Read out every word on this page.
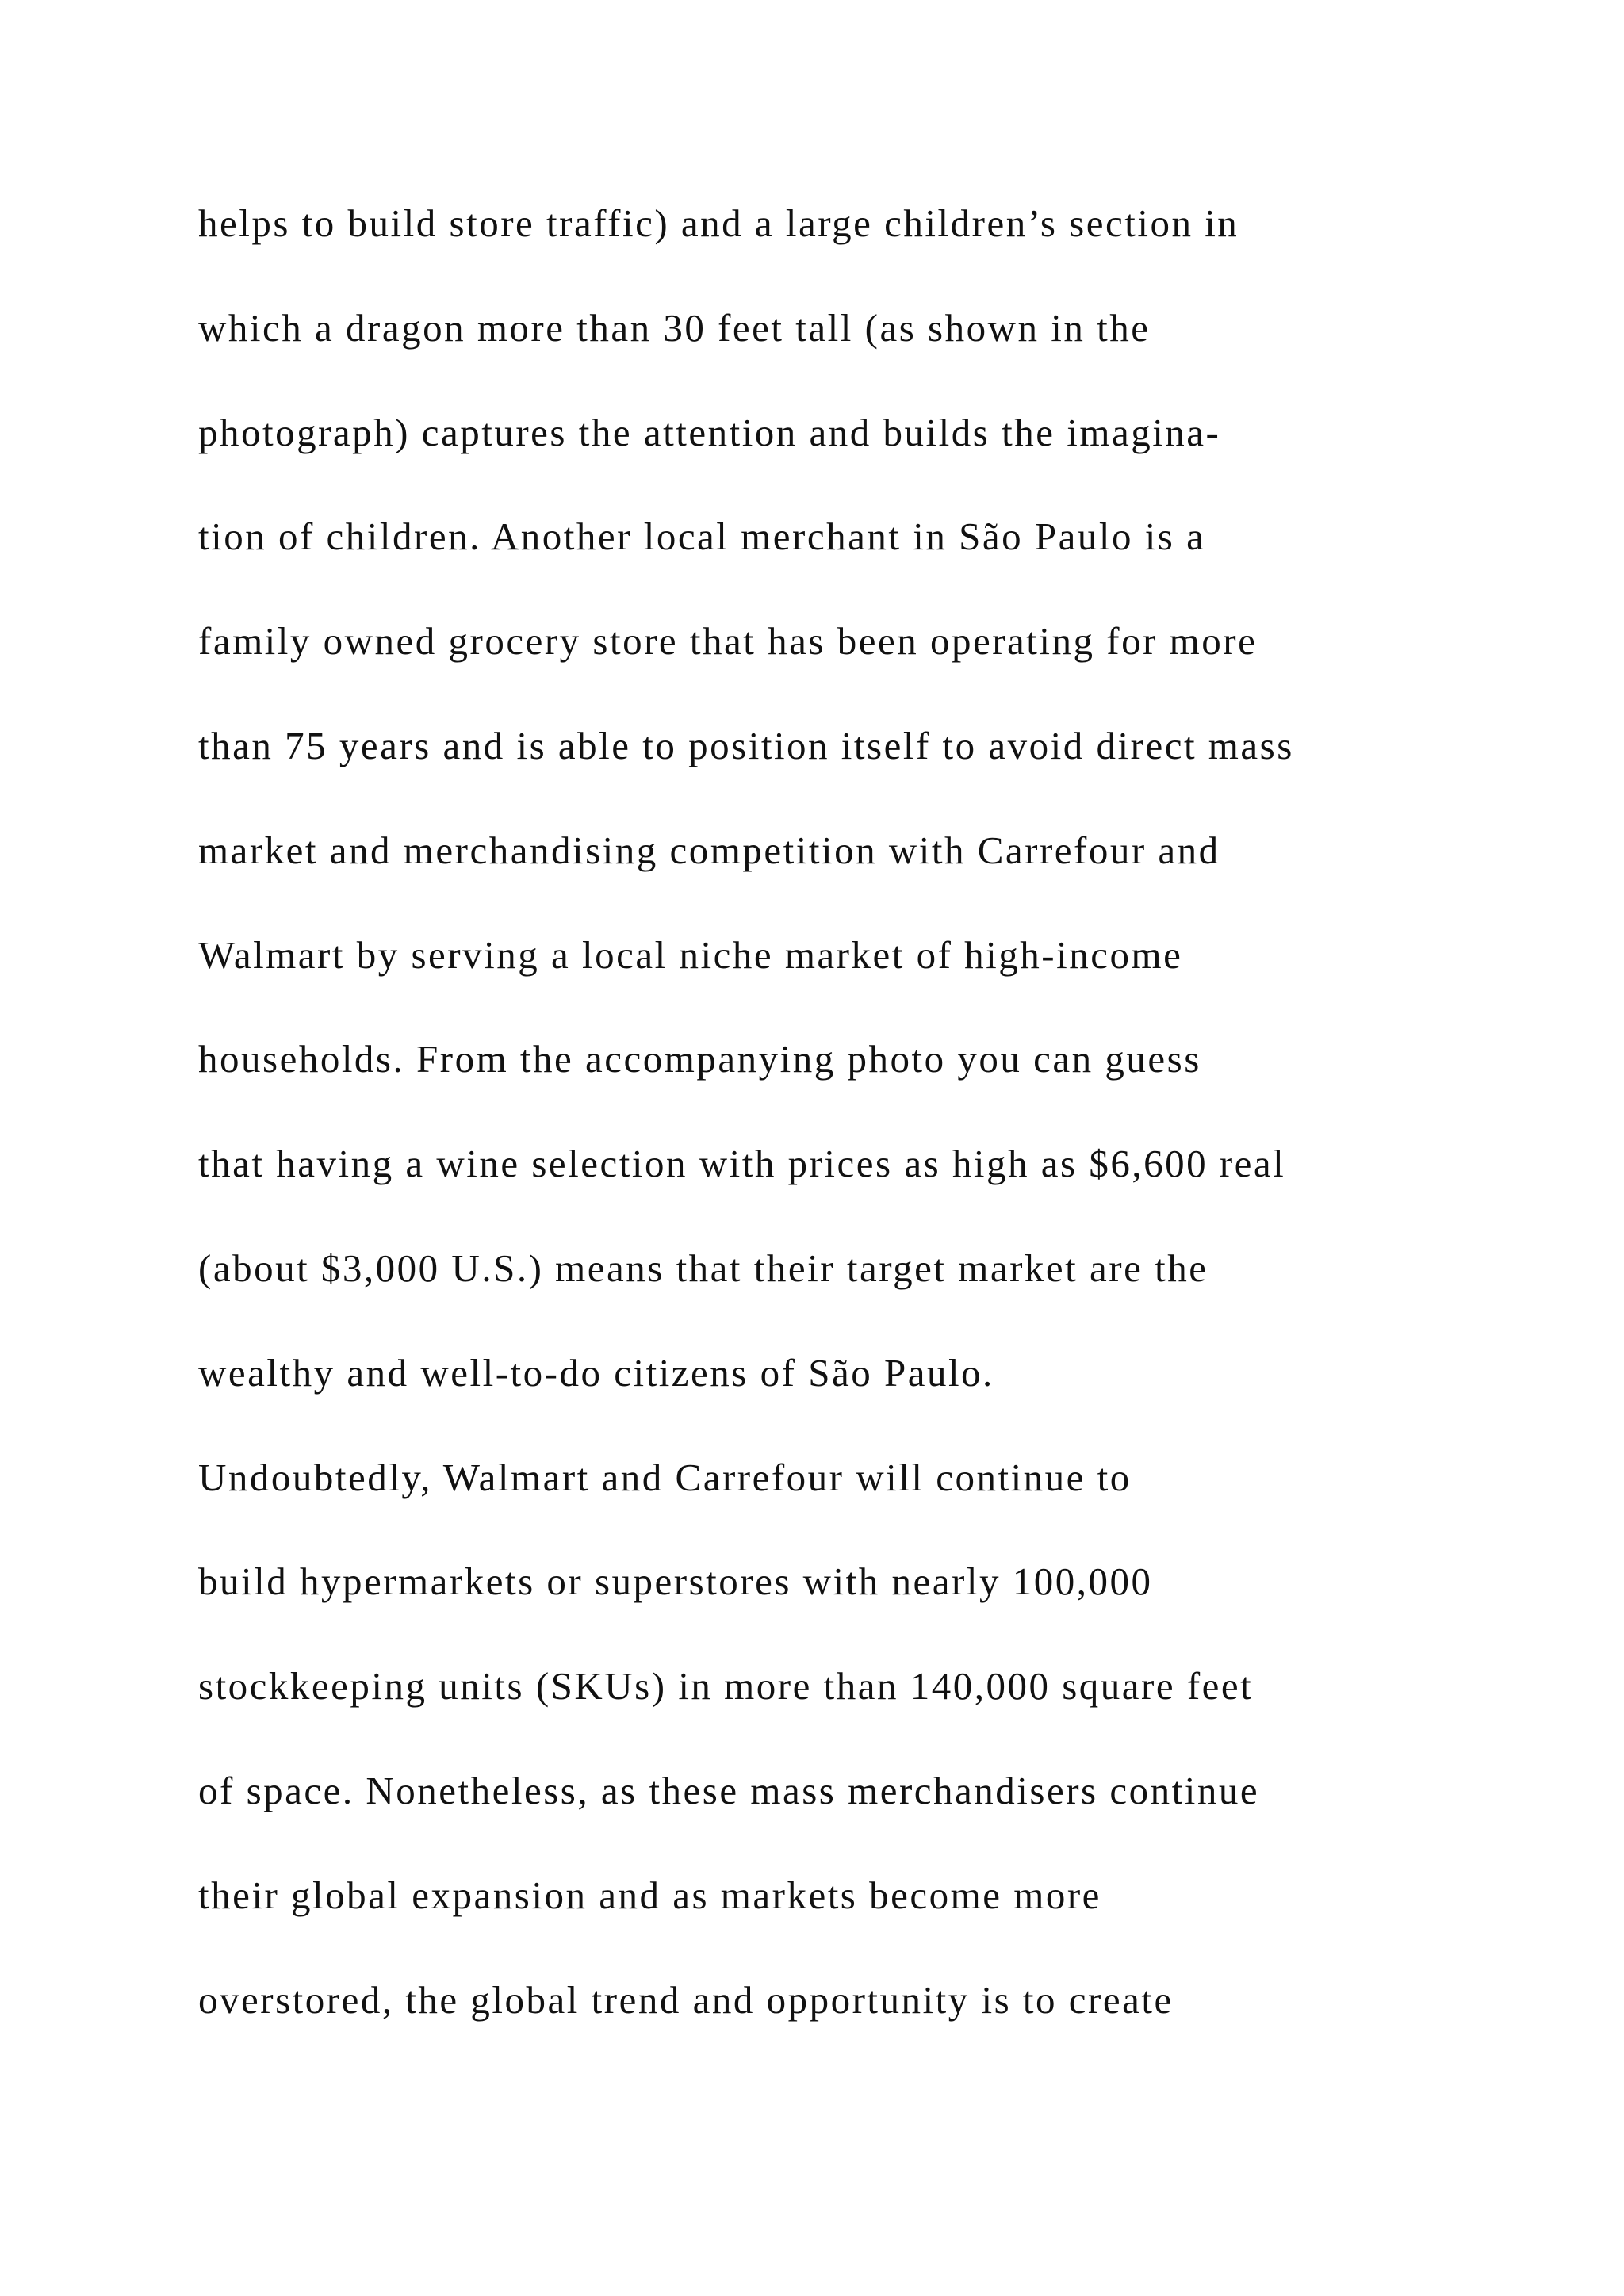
helps to build store traffic) and a large children’s section in
which a dragon more than 30 feet tall (as shown in the
photograph) captures the attention and builds the imagina-
tion of children. Another local merchant in São Paulo is a
family owned grocery store that has been operating for more
than 75 years and is able to position itself to avoid direct mass
market and merchandising competition with Carrefour and
Walmart by serving a local niche market of high-income
households. From the accompanying photo you can guess
that having a wine selection with prices as high as $6,600 real
(about $3,000 U.S.) means that their target market are the
wealthy and well-to-do citizens of São Paulo.
Undoubtedly, Walmart and Carrefour will continue to
build hypermarkets or superstores with nearly 100,000
stockkeeping units (SKUs) in more than 140,000 square feet
of space. Nonetheless, as these mass merchandisers continue
their global expansion and as markets become more
overstored, the global trend and opportunity is to create
